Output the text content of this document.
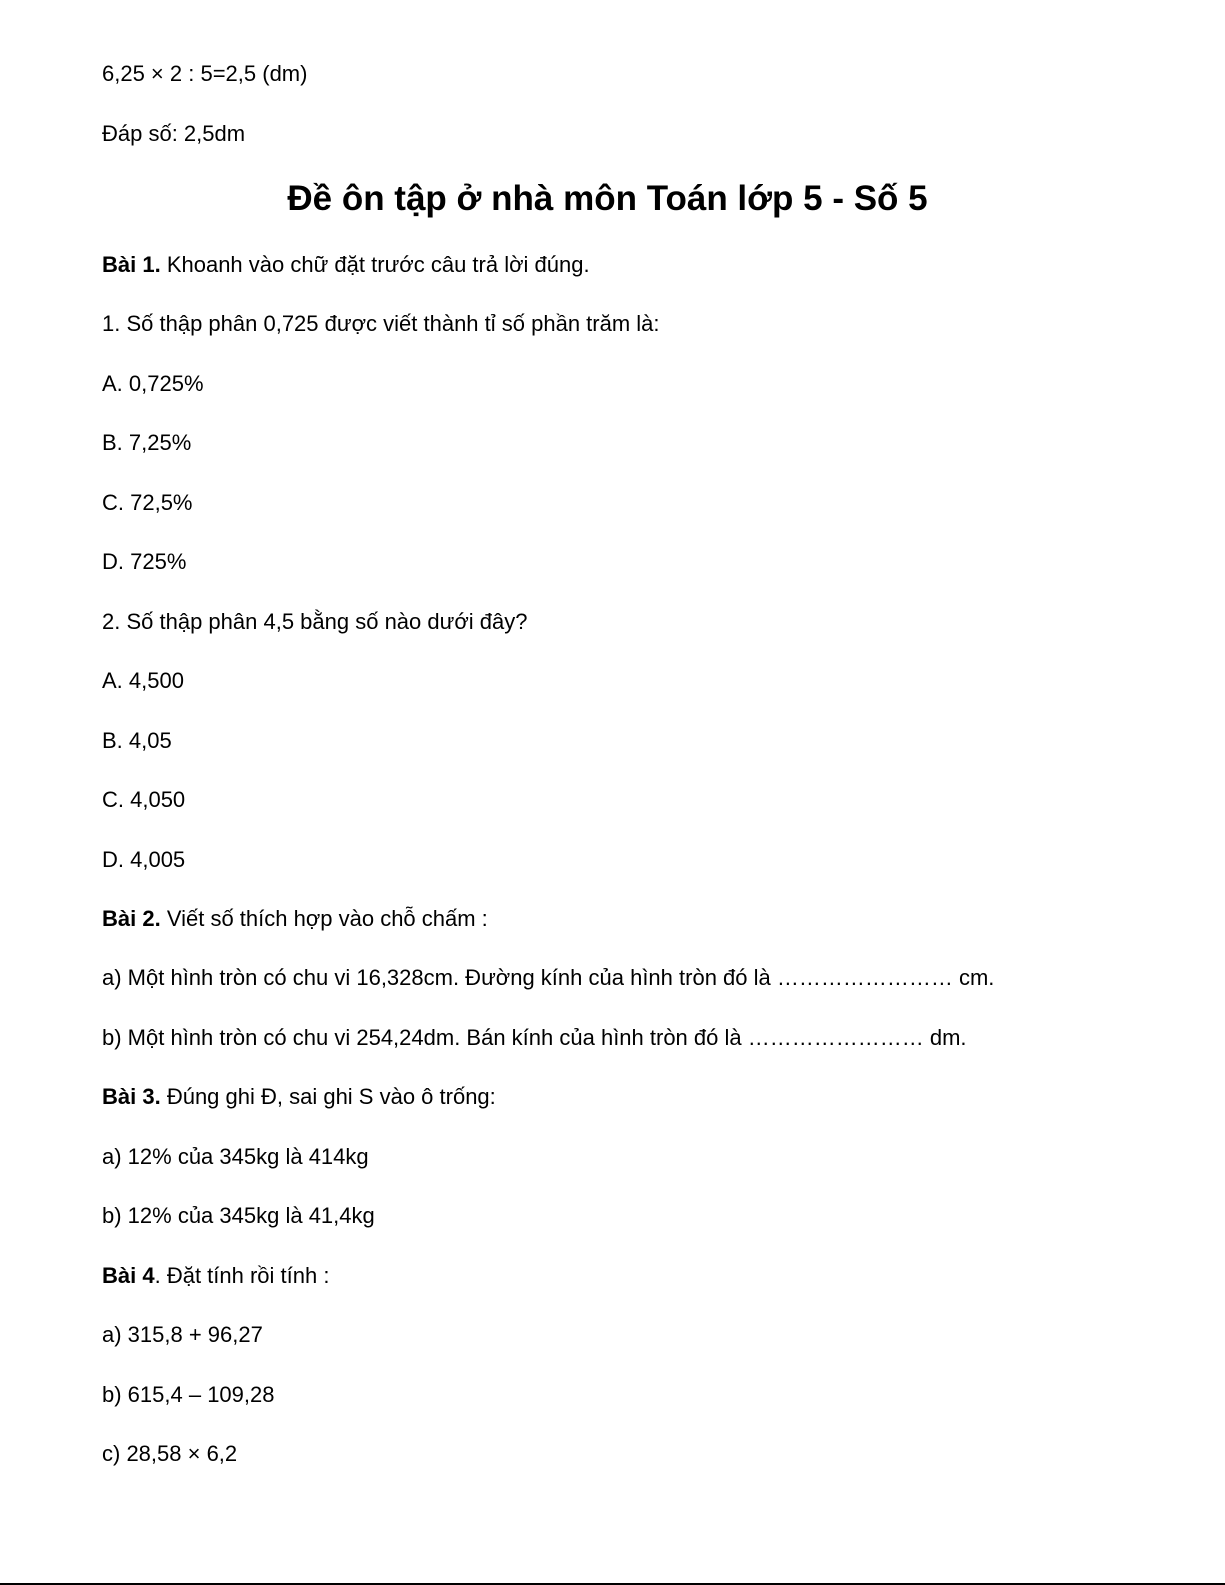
6,25 × 2 : 5=2,5 (dm)
Đáp số: 2,5dm
Đề ôn tập ở nhà môn Toán lớp 5 - Số 5
Bài 1. Khoanh vào chữ đặt trước câu trả lời đúng.
1. Số thập phân 0,725 được viết thành tỉ số phần trăm là:
A. 0,725%
B. 7,25%
C. 72,5%
D. 725%
2. Số thập phân 4,5 bằng số nào dưới đây?
A. 4,500
B. 4,05
C. 4,050
D. 4,005
Bài 2. Viết số thích hợp vào chỗ chấm :
a) Một hình tròn có chu vi 16,328cm. Đường kính của hình tròn đó là …………………… cm.
b) Một hình tròn có chu vi 254,24dm. Bán kính của hình tròn đó là …………………… dm.
Bài 3. Đúng ghi Đ, sai ghi S vào ô trống:
a) 12% của 345kg là 414kg
b) 12% của 345kg là 41,4kg
Bài 4. Đặt tính rồi tính :
a) 315,8 + 96,27
b) 615,4 – 109,28
c) 28,58 × 6,2
